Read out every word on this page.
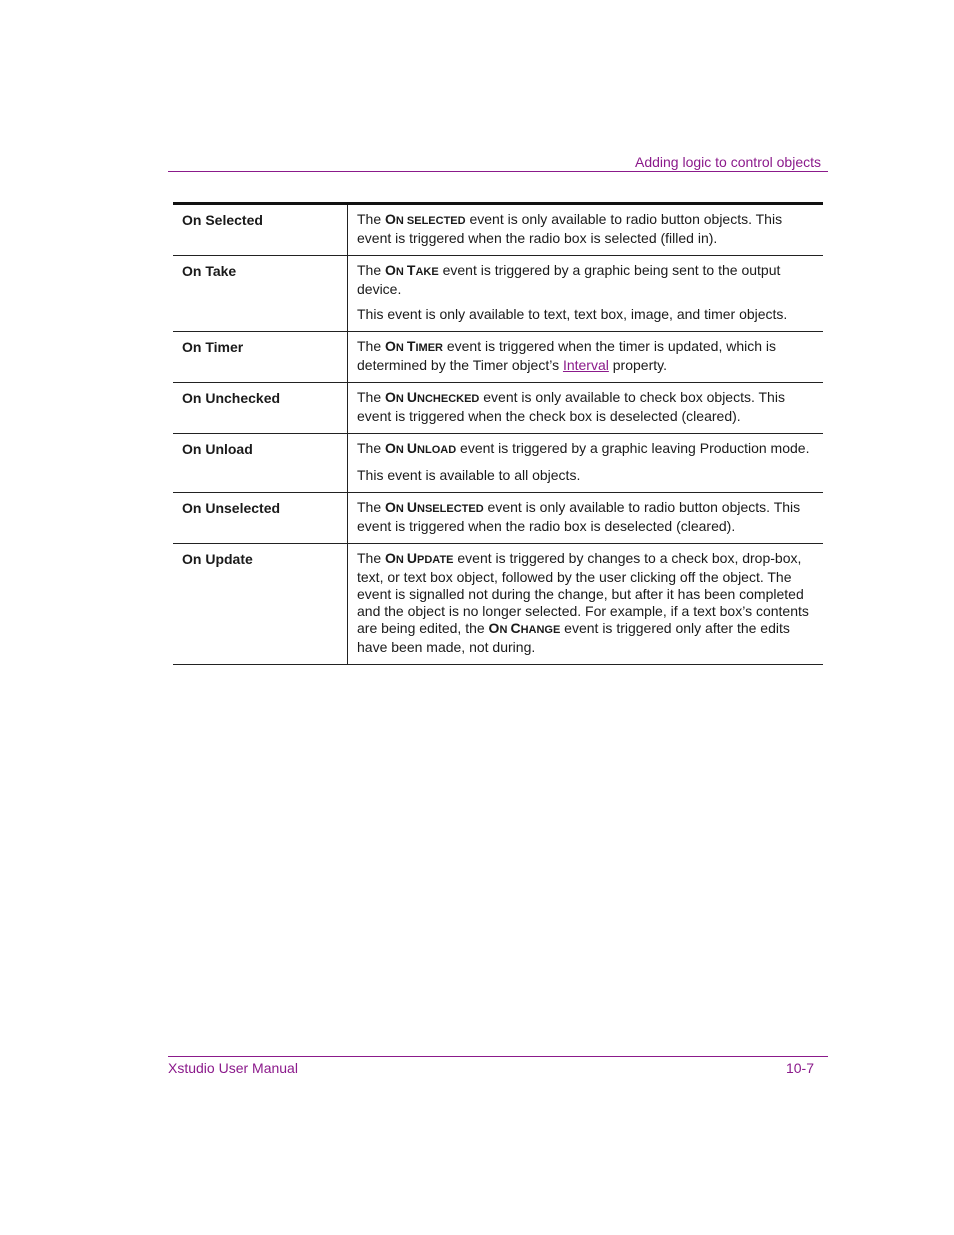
Adding logic to control objects
On Selected	The ON SELECTED event is only available to radio button objects. This event is triggered when the radio box is selected (filled in).

On Take	The ON TAKE event is triggered by a graphic being sent to the output device.

This event is only available to text, text box, image, and timer objects.

On Timer	The ON TIMER event is triggered when the timer is updated, which is determined by the Timer object’s Interval property.

On Unchecked	The ON UNCHECKED event is only available to check box objects. This event is triggered when the check box is deselected (cleared).

On Unload	The ON UNLOAD event is triggered by a graphic leaving Production mode.

This event is available to all objects.

On Unselected	The ON UNSELECTED event is only available to radio button objects. This event is triggered when the radio box is deselected (cleared).

On Update	The ON UPDATE event is triggered by changes to a check box, drop-box, text, or text box object, followed by the user clicking off the object. The event is signalled not during the change, but after it has been completed and the object is no longer selected. For example, if a text box’s contents are being edited, the ON CHANGE event is triggered only after the edits have been made, not during.

Xstudio User Manual	10-7
